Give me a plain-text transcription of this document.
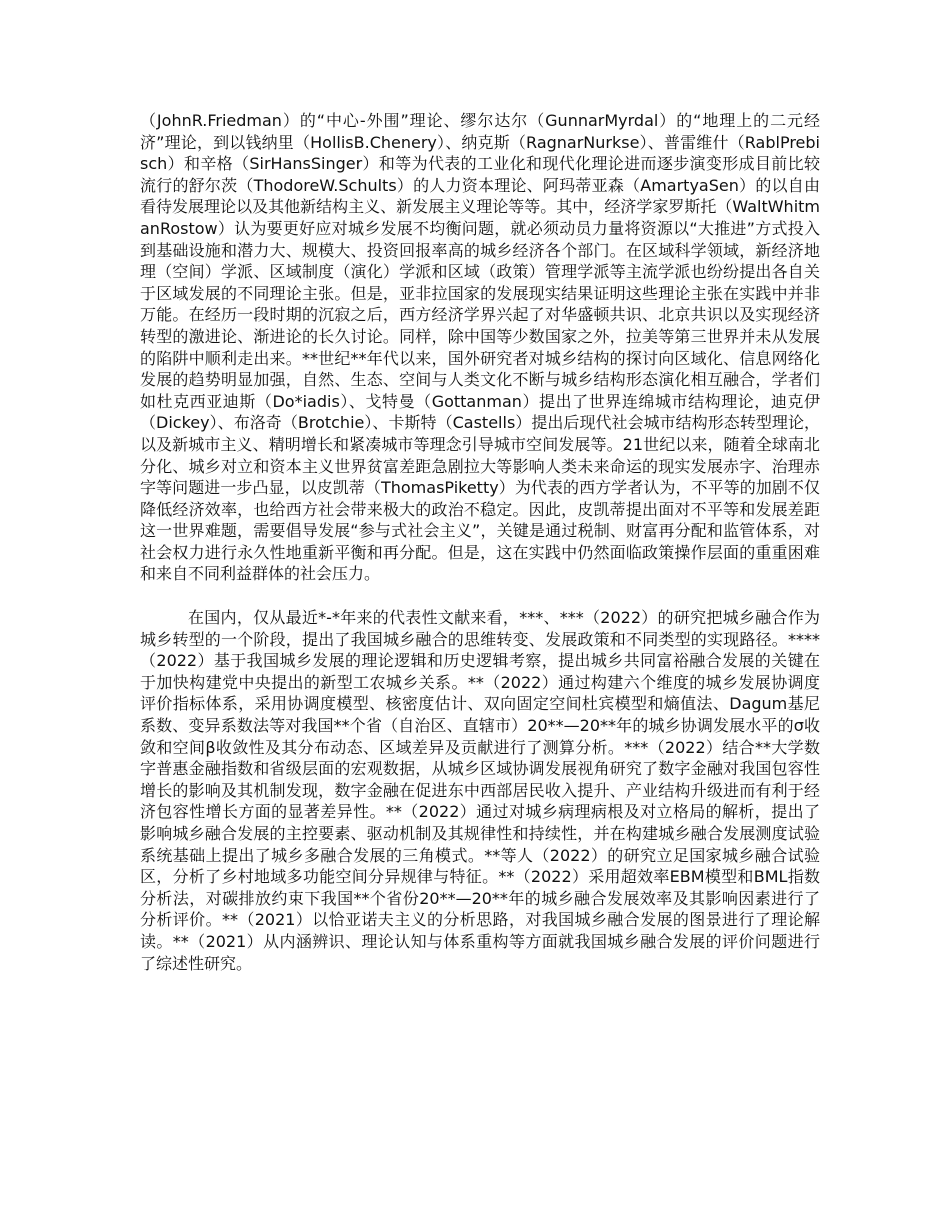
（JohnR.Friedman）的“中心-外围”理论、缪尔达尔（GunnarMyrdal）的“地理上的二元经济”理论，到以钱纳里（HollisB.Chenery）、纳克斯（RagnarNurkse）、普雷维什（RablPrebisch）和辛格（SirHansSinger）和等为代表的工业化和现代化理论进而逐步演变形成目前比较流行的舒尔茨（ThodoreW.Schults）的人力资本理论、阿玛蒂亚森（AmartyaSen）的以自由看待发展理论以及其他新结构主义、新发展主义理论等等。其中，经济学家罗斯托（WaltWhitmanRostow）认为要更好应对城乡发展不均衡问题，就必须动员力量将资源以“大推进”方式投入到基础设施和潜力大、规模大、投资回报率高的城乡经济各个部门。在区域科学领域，新经济地理（空间）学派、区域制度（演化）学派和区域（政策）管理学派等主流学派也纷纷提出各自关于区域发展的不同理论主张。但是，亚非拉国家的发展现实结果证明这些理论主张在实践中并非万能。在经历一段时期的沉寂之后，西方经济学界兴起了对华盛顿共识、北京共识以及实现经济转型的激进论、渐进论的长久讨论。同样，除中国等少数国家之外，拉美等第三世界并未从发展的陷阱中顺利走出来。**世纪**年代以来，国外研究者对城乡结构的探讨向区域化、信息网络化发展的趋势明显加强，自然、生态、空间与人类文化不断与城乡结构形态演化相互融合，学者们如杜克西亚迪斯（Do*iadis）、戈特曼（Gottanman）提出了世界连绵城市结构理论，迪克伊（Dickey）、布洛奇（Brotchie）、卡斯特（Castells）提出后现代社会城市结构形态转型理论，以及新城市主义、精明增长和紧凑城市等理念引导城市空间发展等。21世纪以来，随着全球南北分化、城乡对立和资本主义世界贫富差距急剧拉大等影响人类未来命运的现实发展赤字、治理赤字等问题进一步凸显，以皮凯蒂（ThomasPiketty）为代表的西方学者认为，不平等的加剧不仅降低经济效率，也给西方社会带来极大的政治不稳定。因此，皮凯蒂提出面对不平等和发展差距这一世界难题，需要倡导发展“参与式社会主义”，关键是通过税制、财富再分配和监管体系，对社会权力进行永久性地重新平衡和再分配。但是，这在实践中仍然面临政策操作层面的重重困难和来自不同利益群体的社会压力。

在国内，仅从最近*-*年来的代表性文献来看，***、***（2022）的研究把城乡融合作为城乡转型的一个阶段，提出了我国城乡融合的思维转变、发展政策和不同类型的实现路径。****（2022）基于我国城乡发展的理论逻辑和历史逻辑考察，提出城乡共同富裕融合发展的关键在于加快构建党中央提出的新型工农城乡关系。**（2022）通过构建六个维度的城乡发展协调度评价指标体系，采用协调度模型、核密度估计、双向固定空间杜宾模型和熵值法、Dagum基尼系数、变异系数法等对我国**个省（自治区、直辖市）20**—20**年的城乡协调发展水平的σ收敛和空间β收敛性及其分布动态、区域差异及贡献进行了测算分析。***（2022）结合**大学数字普惠金融指数和省级层面的宏观数据，从城乡区域协调发展视角研究了数字金融对我国包容性增长的影响及其机制发现，数字金融在促进东中西部居民收入提升、产业结构升级进而有利于经济包容性增长方面的显著差异性。**（2022）通过对城乡病理病根及对立格局的解析，提出了影响城乡融合发展的主控要素、驱动机制及其规律性和持续性，并在构建城乡融合发展测度试验系统基础上提出了城乡多融合发展的三角模式。**等人（2022）的研究立足国家城乡融合试验区，分析了乡村地域多功能空间分异规律与特征。**（2022）采用超效率EBM模型和BML指数分析法，对碳排放约束下我国**个省份20**—20**年的城乡融合发展效率及其影响因素进行了分析评价。**（2021）以恰亚诺夫主义的分析思路，对我国城乡融合发展的图景进行了理论解读。**（2021）从内涵辨识、理论认知与体系重构等方面就我国城乡融合发展的评价问题进行了综述性研究。
